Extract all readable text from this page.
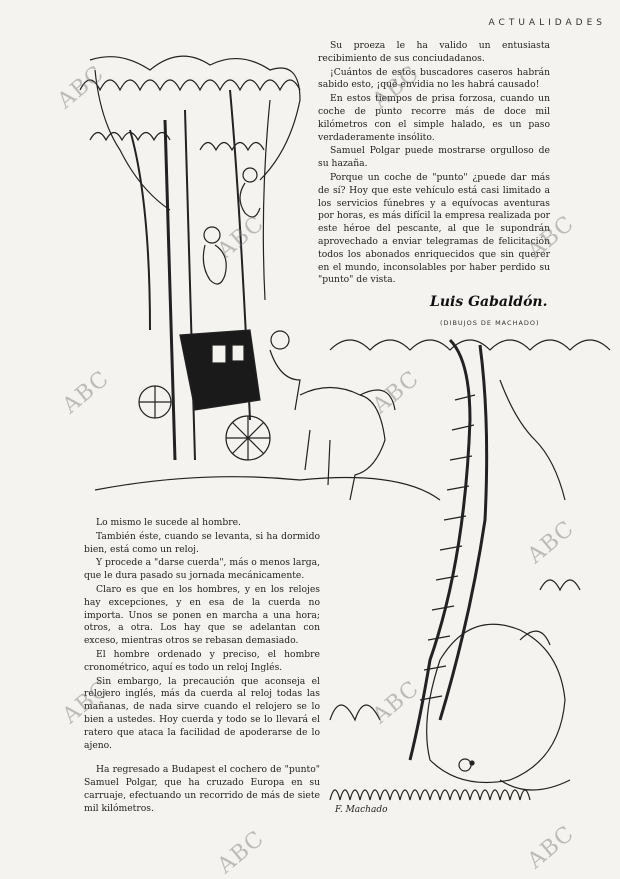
ACTUALIDADES
F. Machado

Su proeza le ha valido un entusiasta recibimiento de sus conciudadanos.

¡Cuántos de estos buscadores caseros habrán sabido esto, ¡qué envidia no les habrá causado!

En estos tiempos de prisa forzosa, cuando un coche de punto recorre más de doce mil kilómetros con el simple halado, es un paso verdaderamente insólito.

Samuel Polgar puede mostrarse orgulloso de su hazaña.

Porque un coche de "punto" ¿puede dar más de sí? Hoy que este vehículo está casi limitado a los servicios fúnebres y a equívocas aventuras por horas, es más difícil la empresa realizada por este héroe del pescante, al que le supondrán aprovechado a enviar telegramas de felicitación todos los abonados enriquecidos que sin querer en el mundo, inconsolables por haber perdido su "punto" de vista.

Luis Gabaldón.
(DIBUJOS DE MACHADO)

Lo mismo le sucede al hombre.

También éste, cuando se levanta, si ha dormido bien, está como un reloj.

Y procede a "darse cuerda", más o menos larga, que le dura pasado su jornada mecánicamente.

Claro es que en los hombres, y en los relojes hay excepciones, y en esa de la cuerda no importa. Unos se ponen en marcha a una hora; otros, a otra. Los hay que se adelantan con exceso, mientras otros se rebasan demasiado.

El hombre ordenado y preciso, el hombre cronométrico, aquí es todo un reloj Inglés.

Sin embargo, la precaución que aconseja el relojero inglés, más da cuerda al reloj todas las mañanas, de nada sirve cuando el relojero se lo bien a ustedes. Hoy cuerda y todo se lo llevará el ratero que ataca la facilidad de apoderarse de lo ajeno.

Ha regresado a Budapest el cochero de "punto" Samuel Polgar, que ha cruzado Europa en su carruaje, efectuando un recorrido de más de siete mil kilómetros.

ABC
ABC
ABC
ABC
ABC
ABC
ABC
ABC
ABC
ABC
ABC
